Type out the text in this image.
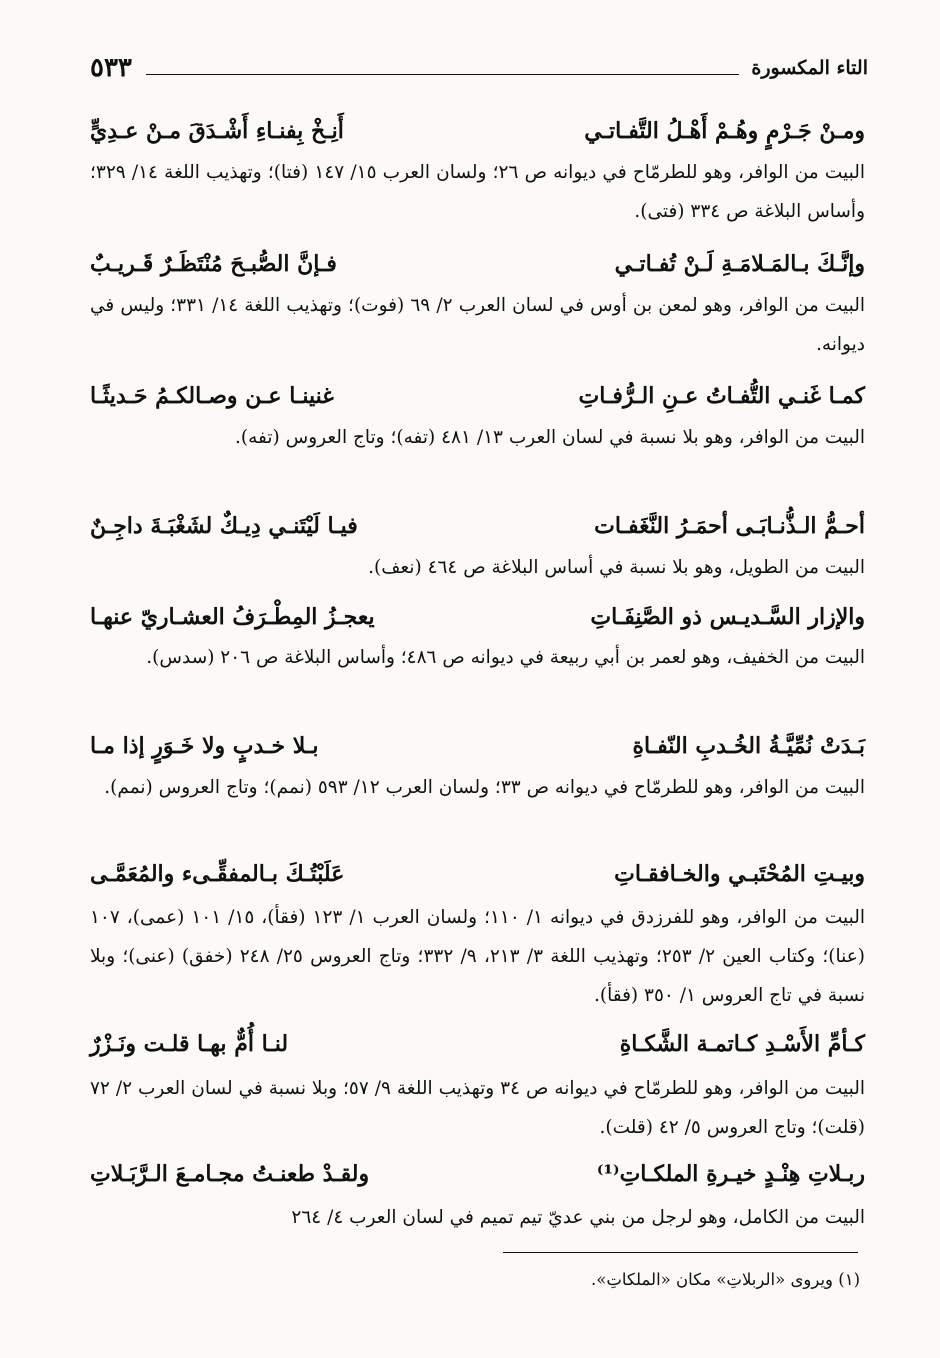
٥٣٣	التاء المكسورة
أَنِـخْ بِفنـاءِ أَشْـدَقَ مـنْ عـدِيٍّ	ومـنْ جَـرْمٍ وهُـمْ أَهْـلُ التَّفـاتـي
البيت من الوافر، وهو للطرمّاح في ديوانه ص ٢٦؛ ولسان العرب ١٥/ ١٤٧ (فتا)؛ وتهذيب اللغة ١٤/ ٣٢٩؛ وأساس البلاغة ص ٣٣٤ (فتى).
فـإنَّ الصُّبـحَ مُنْتَظَـرٌ قَـريـبٌ	وإنَّـكَ بـالمَـلامَـةِ لَـنْ تُفـاتـي
البيت من الوافر، وهو لمعن بن أوس في لسان العرب ٢/ ٦٩ (فوت)؛ وتهذيب اللغة ١٤/ ٣٣١؛ وليس في ديوانه.
غنينـا عـن وصـالكـمُ حَـديثًـا	كمـا غَنـي التُّفـاتُ عـنِ الـرُّفـاتِ
البيت من الوافر، وهو بلا نسبة في لسان العرب ١٣/ ٤٨١ (تفه)؛ وتاج العروس (تفه).
فيـا لَيْتَنـي دِيـكٌ لشَغْبَـةَ داجِـنٌ	أحـمُّ الـذُّنـابَـى أحمَـرُ النَّغَفـات
البيت من الطويل، وهو بلا نسبة في أساس البلاغة ص ٤٦٤ (نعف).
يعجـزُ المِطْـرَفُ العشـاريّ عنهـا	والإزار السَّـديـس ذو الصَّنِفَـاتِ
البيت من الخفيف، وهو لعمر بن أبي ربيعة في ديوانه ص ٤٨٦؛ وأساس البلاغة ص ٢٠٦ (سدس).
بـلا خـدبٍ ولا خَـوَرٍ إذا مـا	بَـدَتْ نُمِّيَّـةُ الخُـدبِ النّفـاةِ
البيت من الوافر، وهو للطرمّاح في ديوانه ص ٣٣؛ ولسان العرب ١٢/ ٥٩٣ (نمم)؛ وتاج العروس (نمم).
عَلَبْتُـكَ بـالمفقِّـىء والمُعَمَّـى	وبيـتِ المُحْتَبـي والخـافقـاتِ
البيت من الوافر، وهو للفرزدق في ديوانه ١/ ١١٠؛ ولسان العرب ١/ ١٢٣ (فقأ)، ١٥/ ١٠١ (عمى)، ١٠٧ (عنا)؛ وكتاب العين ٢/ ٢٥٣؛ وتهذيب اللغة ٣/ ٢١٣، ٩/ ٣٣٢؛ وتاج العروس ٢٥/ ٢٤٨ (خفق) (عنى)؛ وبلا نسبة في تاج العروس ١/ ٣٥٠ (فقأ).
لنـا أُمٌّ بهـا قلـت ونَـزْرٌ	كـأمِّ الأَسْـدِ كـاتمـة الشَّكـاةِ
البيت من الوافر، وهو للطرمّاح في ديوانه ص ٣٤ وتهذيب اللغة ٩/ ٥٧؛ وبلا نسبة في لسان العرب ٢/ ٧٢ (قلت)؛ وتاج العروس ٥/ ٤٢ (قلت).
ولقـدْ طعنـتُ مجـامـعَ الـرَّبَـلاتِ	ربـلاتِ هِنْـدٍ خيـرةِ الملكـاتِ⁽¹⁾
البيت من الكامل، وهو لرجل من بني عديّ تيم تميم في لسان العرب ٤/ ٢٦٤
(١) ويروى «الربلاتِ» مكان «الملكاتِ».
